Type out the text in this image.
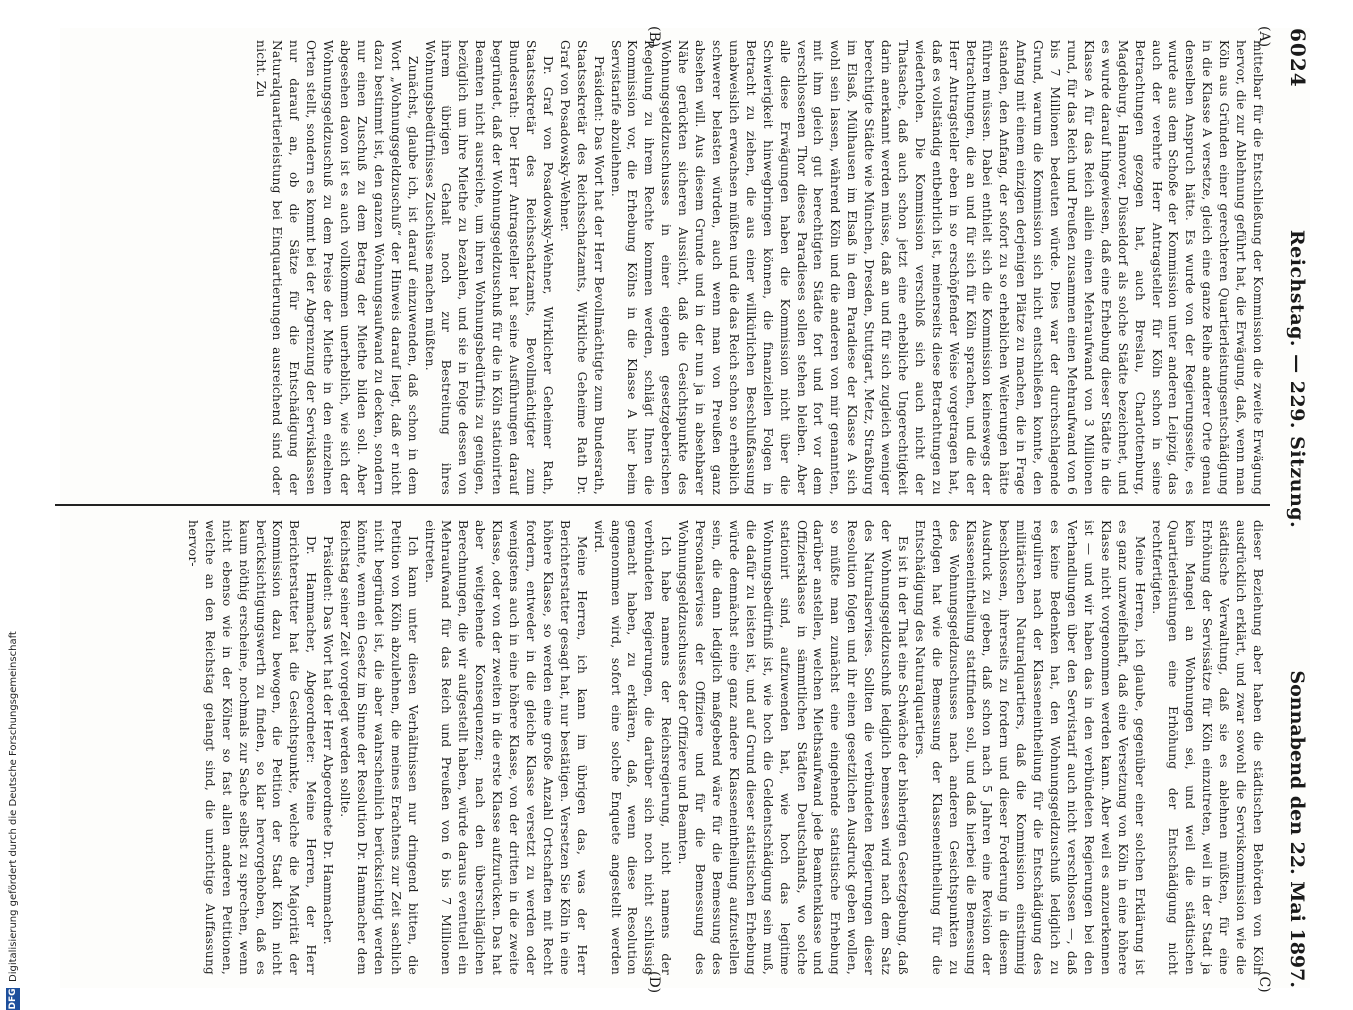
6024
Reichstag. — 229. Sitzung.
Sonnabend den 22. Mai 1897.
(A)
(B)
(C)
(D)

mittelbar für die Entschließung der Kommission die zweite Erwägung hervor, die zur Ablehnung geführt hat, die Erwägung, daß, wenn man Köln aus Gründen einer gerechteren Quartierleistungsentschädigung in die Klasse A versetze, gleich eine ganze Reihe anderer Orte genau denselben Anspruch hätte. Es wurde von der Regierungsseite, es wurde aus dem Schoße der Kommission unter anderen Leipzig, das auch der verehrte Herr Antragsteller für Köln schon in seine Betrachtungen gezogen hat, auch Breslau, Charlottenburg, Magdeburg, Hannover, Düsseldorf als solche Städte bezeichnet, und es wurde darauf hingewiesen, daß eine Erhebung dieser Städte in die Klasse A für das Reich allein einen Mehraufwand von 3 Millionen rund, für das Reich und Preußen zusammen einen Mehraufwand von 6 bis 7 Millionen bedeuten würde. Dies war der durchschlagende Grund, warum die Kommission sich nicht entschließen konnte, den Anfang mit einem einzigen derjenigen Plätze zu machen, die in Frage standen, den Anfang, der sofort zu so erheblichen Weiterungen hätte führen müssen. Dabei enthielt sich die Kommission keineswegs der Betrachtungen, die an und für sich für Köln sprachen, und die der Herr Antragsteller eben in so erschöpfender Weise vorgetragen hat, daß es vollständig entbehrlich ist, meinerseits diese Betrachtungen zu wiederholen. Die Kommission verschloß sich auch nicht der Thatsache, daß auch schon jetzt eine erhebliche Ungerechtigkeit darin anerkannt werden müsse, daß an und für sich zugleich weniger berechtigte Städte wie München, Dresden, Stuttgart, Metz, Straßburg im Elsaß, Mülhausen im Elsaß in dem Paradiese der Klasse A sich wohl sein lassen, während Köln und die anderen von mir genannten, mit ihm gleich gut berechtigten Städte fort und fort vor dem verschlossenen Thor dieses Paradieses sollen stehen bleiben. Aber alle diese Erwägungen haben die Kommission nicht über die Schwierigkeit hinwegbringen können, die finanziellen Folgen in Betracht zu ziehen, die aus einer willkürlichen Beschlußfassung unabweislich erwachsen müßten und die das Reich schon so erheblich schwerer belasten würden, auch wenn man von Preußen ganz absehen will. Aus diesem Grunde und in der nun ja in absehbarer Nähe gerückten sicheren Aussicht, daß die Gesichtspunkte des Wohnungsgeldzuschusses in einer eigenen gesetzgeberischen Regelung zu ihrem Rechte kommen werden, schlägt Ihnen die Kommission vor, die Erhebung Kölns in die Klasse A hier beim Servistarife abzulehnen.

Präsident: Das Wort hat der Herr Bevollmächtigte zum Bundesrath, Staatssekretär des Reichsschatzamts, Wirkliche Geheime Rath Dr. Graf von Posadowsky-Wehner.

Dr. Graf von Posadowsky-Wehner, Wirklicher Geheimer Rath, Staatssekretär des Reichsschatzamts, Bevollmächtigter zum Bundesrath: Der Herr Antragsteller hat seine Ausführungen darauf begründet, daß der Wohnungsgeldzuschuß für die in Köln stationirten Beamten nicht ausreiche, um ihren Wohnungsbedürfnis zu genügen, bezüglich um ihre Miethe zu bezahlen, und sie in Folge dessen von ihrem übrigen Gehalt noch zur Bestreitung ihres Wohnungsbedürfnisses Zuschüsse machen müßten.

Zunächst, glaube ich, ist darauf einzuwenden, daß schon in dem Wort „Wohnungsgeldzuschuß“ der Hinweis darauf liegt, daß er nicht dazu bestimmt ist, den ganzen Wohnungsaufwand zu decken, sondern nur einen Zuschuß zu dem Betrag der Miethe bilden soll. Aber abgesehen davon ist es auch vollkommen unerheblich, wie sich der Wohnungsgeldzuschuß zu dem Preise der Miethe in den einzelnen Orten stellt, sondern es kommt bei der Abgrenzung der Servisklassen nur darauf an, ob die Sätze für die Entschädigung der Naturalquartierleistung bei Einquartierungen ausreichend sind oder nicht. Zu

dieser Beziehung aber haben die städtischen Behörden von Köln ausdrücklich erklärt, und zwar sowohl die Serviskommission wie die städtische Verwaltung, daß sie es ablehnen müßten, für eine Erhöhung der Servissätze für Köln einzutreten, weil in der Stadt ja kein Mangel an Wohnungen sei, und weil die städtischen Quartierleistungen eine Erhöhung der Entschädigung nicht rechtfertigten.

Meine Herren, ich glaube, gegenüber einer solchen Erklärung ist es ganz unzweifelhaft, daß eine Versetzung von Köln in eine höhere Klasse nicht vorgenommen werden kann. Aber weil es anzuerkennen ist — und wir haben das in den verbündeten Regierungen bei den Verhandlungen über den Servistarif auch nicht verschlossen —, daß es keine Bedenken hat, den Wohnungsgeldzuschuß lediglich zu reguliren nach der Klasseneintheilung für die Entschädigung des militärischen Naturalquartiers, daß die Kommission einstimmig beschlossen, ihrerseits zu fordern und dieser Forderung in diesem Ausdruck zu geben, daß schon nach 5 Jahren eine Revision der Klasseneintheilung stattfinden soll, und daß hierbei die Bemessung des Wohnungsgeldzuschusses nach anderen Gesichtspunkten zu erfolgen hat wie die Bemessung der Klasseneintheilung für die Entschädigung des Naturalquartiers.

Es ist in der That eine Schwäche der bisherigen Gesetzgebung, daß der Wohnungsgeldzuschuß lediglich bemessen wird nach dem Satz des Naturalservises. Sollten die verbündeten Regierungen dieser Resolution folgen und ihr einen gesetzlichen Ausdruck geben wollen, so müßte man zunächst eine eingehende statistische Erhebung darüber anstellen, welchen Miethsaufwand jede Beamtenklasse und Offiziersklasse in sämmtlichen Städten Deutschlands, wo solche stationirt sind, aufzuwenden hat, wie hoch das legitime Wohnungsbedürfniß ist, wie hoch die Geldentschädigung sein muß, die dafür zu leisten ist, und auf Grund dieser statistischen Erhebung würde demnächst eine ganz andere Klasseneintheilung aufzustellen sein, die dann lediglich maßgebend wäre für die Bemessung des Personalservises der Offiziere und für die Bemessung des Wohnungsgeldzuschusses der Offiziere und Beamten.

Ich habe namens der Reichsregierung, nicht namens der verbündeten Regierungen, die darüber sich noch nicht schlüssig gemacht haben, zu erklären, daß, wenn diese Resolution angenommen wird, sofort eine solche Enquete angestellt werden wird.

Meine Herren, ich kann im übrigen das, was der Herr Berichterstatter gesagt hat, nur bestätigen. Versetzen Sie Köln in eine höhere Klasse, so werden eine große Anzahl Ortschaften mit Recht fordern, entweder in die gleiche Klasse versetzt zu werden oder wenigstens auch in eine höhere Klasse, von der dritten in die zweite Klasse, oder von der zweiten in die erste Klasse aufzurücken. Das hat aber weitgehende Konsequenzen; nach den überschläglichen Berechnungen, die wir aufgestellt haben, würde daraus eventuell ein Mehraufwand für das Reich und Preußen von 6 bis 7 Millionen eintreten.

Ich kann unter diesen Verhältnissen nur dringend bitten, die Petition von Köln abzulehnen, die meines Erachtens zur Zeit sachlich nicht begründet ist, die aber wahrscheinlich berücksichtigt werden könnte, wenn ein Gesetz im Sinne der Resolution Dr. Hammacher dem Reichstag seiner Zeit vorgelegt werden sollte.

Präsident: Das Wort hat der Herr Abgeordnete Dr. Hammacher.

Dr. Hammacher, Abgeordneter: Meine Herren, der Herr Berichterstatter hat die Gesichtspunkte, welche die Majorität der Kommission dazu bewogen, die Petition der Stadt Köln nicht berücksichtigungswerth zu finden, so klar hervorgehoben, daß es kaum nöthig erscheine, nochmals zur Sache selbst zu sprechen, wenn nicht ebenso wie in der Kölner so fast allen anderen Petitionen, welche an den Reichstag gelangt sind, die unrichtige Auffassung hervor-

DFG
Digitalisierung gefördert durch die Deutsche Forschungsgemeinschaft
